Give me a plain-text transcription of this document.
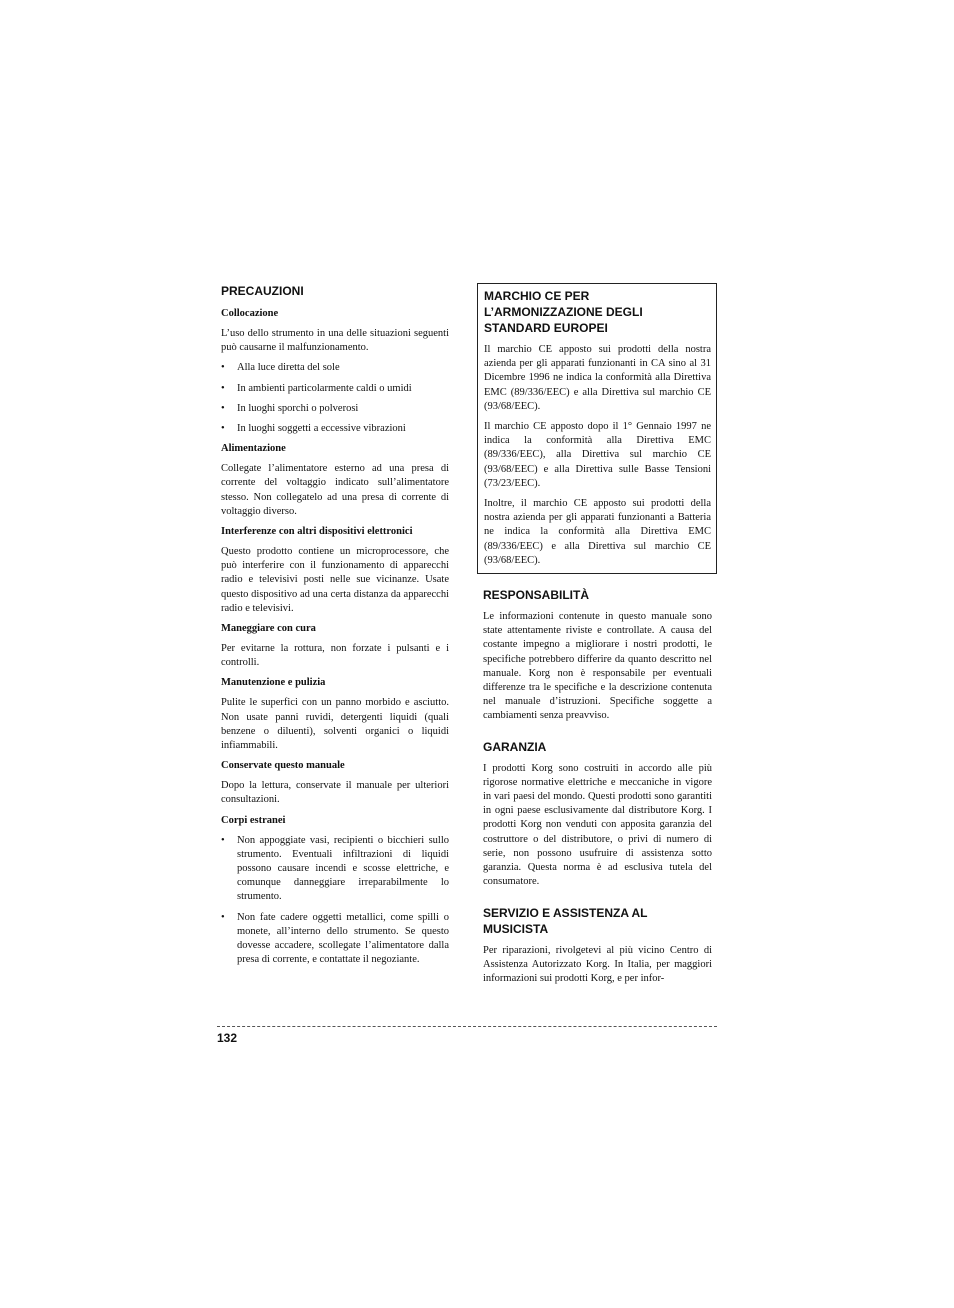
PRECAUZIONI
Collocazione

L’uso dello strumento in una delle situazioni seguenti può causarne il malfunzionamento.

• Alla luce diretta del sole
• In ambienti particolarmente caldi o umidi
• In luoghi sporchi o polverosi
• In luoghi soggetti a eccessive vibrazioni
Alimentazione

Collegate l’alimentatore esterno ad una presa di corrente del voltaggio indicato sull’alimentatore stesso. Non collegatelo ad una presa di corrente di voltaggio diverso.

Interferenze con altri dispositivi elettronici

Questo prodotto contiene un microprocessore, che può interferire con il funzionamento di apparecchi radio e televisivi posti nelle sue vicinanze. Usate questo dispositivo ad una certa distanza da apparecchi radio e televisivi.

Maneggiare con cura

Per evitarne la rottura, non forzate i pulsanti e i controlli.

Manutenzione e pulizia

Pulite le superfici con un panno morbido e asciutto. Non usate panni ruvidi, detergenti liquidi (quali benzene o diluenti), solventi organici o liquidi infiammabili.

Conservate questo manuale

Dopo la lettura, conservate il manuale per ulteriori consultazioni.

Corpi estranei
• Non appoggiate vasi, recipienti o bicchieri sullo strumento. Eventuali infiltrazioni di liquidi possono causare incendi e scosse elettriche, e comunque danneggiare irreparabilmente lo strumento.
• Non fate cadere oggetti metallici, come spilli o monete, all’interno dello strumento. Se questo dovesse accadere, scollegate l’alimentatore dalla presa di corrente, e contattate il negoziante.
MARCHIO CE PER L’ARMONIZZAZIONE DEGLI STANDARD EUROPEI

Il marchio CE apposto sui prodotti della nostra azienda per gli apparati funzionanti in CA sino al 31 Dicembre 1996 ne indica la conformità alla Direttiva EMC (89/336/EEC) e alla Direttiva sul marchio CE (93/68/EEC).

Il marchio CE apposto dopo il 1° Gennaio 1997 ne indica la conformità alla Direttiva EMC (89/336/EEC), alla Direttiva sul marchio CE (93/68/EEC) e alla Direttiva sulle Basse Tensioni (73/23/EEC).

Inoltre, il marchio CE apposto sui prodotti della nostra azienda per gli apparati funzionanti a Batteria ne indica la conformità alla Direttiva EMC (89/336/EEC) e alla Direttiva sul marchio CE (93/68/EEC).

RESPONSABILITÀ

Le informazioni contenute in questo manuale sono state attentamente riviste e controllate. A causa del costante impegno a migliorare i nostri prodotti, le specifiche potrebbero differire da quanto descritto nel manuale. Korg non è responsabile per eventuali differenze tra le specifiche e la descrizione contenuta nel manuale d’istruzioni. Specifiche soggette a cambiamenti senza preavviso.

GARANZIA

I prodotti Korg sono costruiti in accordo alle più rigorose normative elettriche e meccaniche in vigore in vari paesi del mondo. Questi prodotti sono garantiti in ogni paese esclusivamente dal distributore Korg. I prodotti Korg non venduti con apposita garanzia del costruttore o del distributore, o privi di numero di serie, non possono usufruire di assistenza sotto garanzia. Questa norma è ad esclusiva tutela del consumatore.

SERVIZIO E ASSISTENZA AL MUSICISTA

Per riparazioni, rivolgetevi al più vicino Centro di Assistenza Autorizzato Korg. In Italia, per maggiori informazioni sui prodotti Korg, e per infor-

132
